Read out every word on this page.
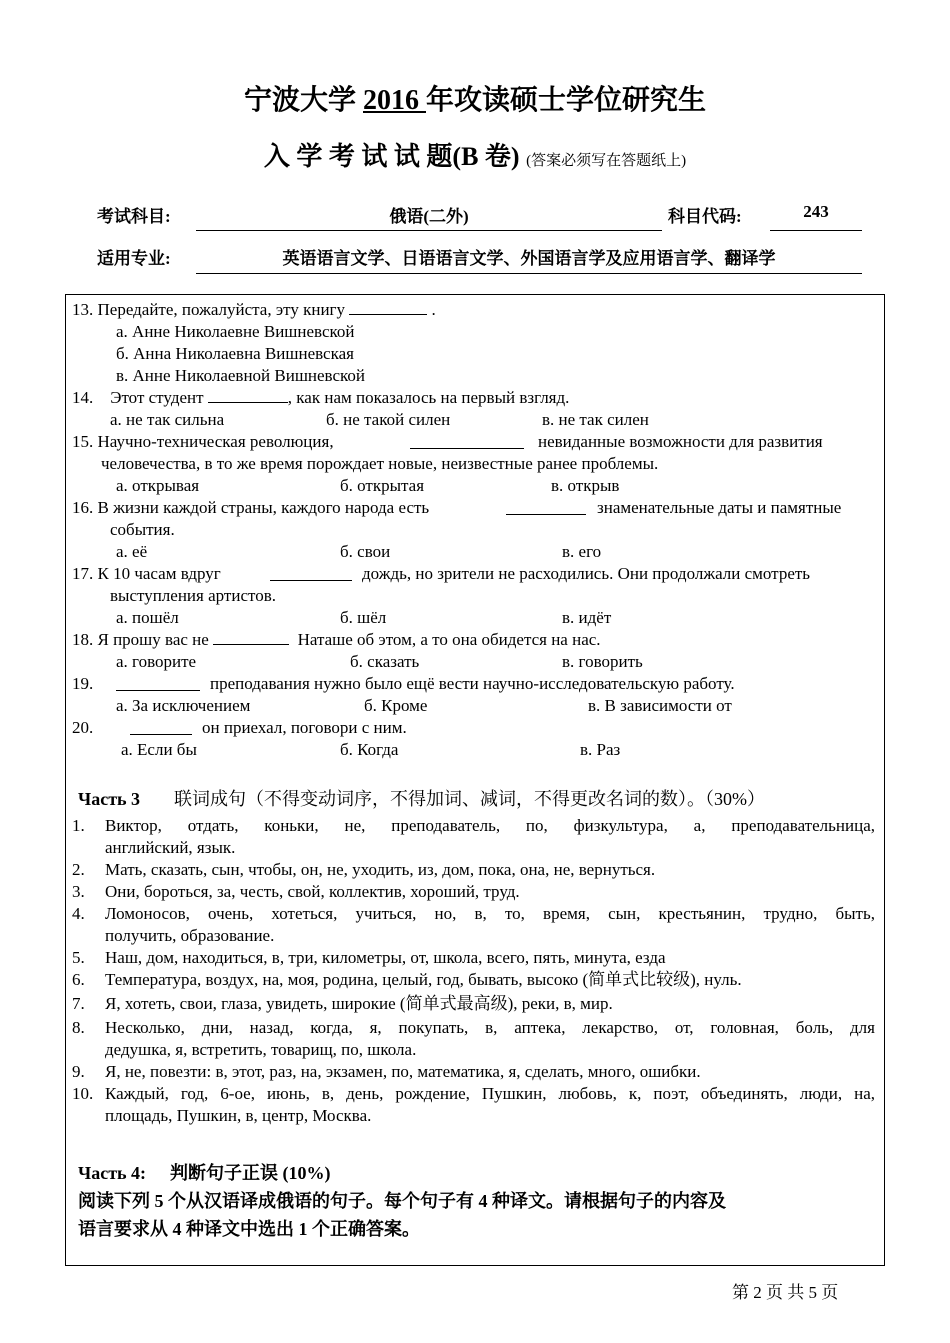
宁波大学 2016 年攻读硕士学位研究生
入 学 考 试 试 题(B 卷) (答案必须写在答题纸上)
考试科目:	俄语(二外)	科目代码:	243
适用专业:	英语语言文学、日语语言文学、外国语言学及应用语言学、翻译学
13. Передайте, пожалуйста, эту книгу	.
а. Анне Николаевне Вишневской
б. Анна Николаевна Вишневская
в. Анне Николаевной Вишневской
14. Этот студент	, как нам показалось на первый взгляд.
а. не так сильна	б. не такой силен	в. не так силен
15. Научно-техническая революция,	невиданные возможности для развития
человечества, в то же время порождает новые, неизвестные ранее проблемы.
а. открывая	б. открытая	в. открыв
16. В жизни каждой страны, каждого народа есть	знаменательные даты и памятные
события.
а. её	б. свои	в. его
17. К 10 часам вдруг	дождь, но зрители не расходились. Они продолжали смотреть
выступления артистов.
а. пошёл	б. шёл	в. идёт
18. Я прошу вас не	Наташе об этом, а то она обидется на нас.
а. говорите	б. сказать	в. говорить
19.	преподавания нужно было ещё вести научно-исследовательскую работу.
а. За исключением	б. Кроме	в. В зависимости от
20.	он приехал, поговори с ним.
а. Если бы	б. Когда	в. Раз
Часть 3 联词成句（不得变动词序，不得加词、减词，不得更改名词的数）。（30%）
1. Виктор, отдать, коньки, не, преподаватель, по, физкультура, а, преподавательница,
английский, язык.
2. Мать, сказать, сын, чтобы, он, не, уходить, из, дом, пока, она, не, вернуться.
3. Они, бороться, за, честь, свой, коллектив, хороший, труд.
4. Ломоносов, очень, хотеться, учиться, но, в, то, время, сын, крестьянин, трудно, быть,
получить, образование.
5. Наш, дом, находиться, в, три, километры, от, школа, всего, пять, минута, езда
6. Температура, воздух, на, моя, родина, целый, год, бывать, высоко (简单式比较级), нуль.
7. Я, хотеть, свои, глаза, увидеть, широкие (简单式最高级), реки, в, мир.
8. Несколько, дни, назад, когда, я, покупать, в, аптека, лекарство, от, головная, боль, для
дедушка, я, встретить, товарищ, по, школа.
9. Я, не, повезти: в, этот, раз, на, экзамен, по, математика, я, сделать, много, ошибки.
10. Каждый, год, 6-ое, июнь, в, день, рождение, Пушкин, любовь, к, поэт, объединять, люди, на,
площадь, Пушкин, в, центр, Москва.
Часть 4: 判断句子正误 (10%)
阅读下列 5 个从汉语译成俄语的句子。每个句子有 4 种译文。请根据句子的内容及
语言要求从 4 种译文中选出 1 个正确答案。
第 2 页 共 5 页
